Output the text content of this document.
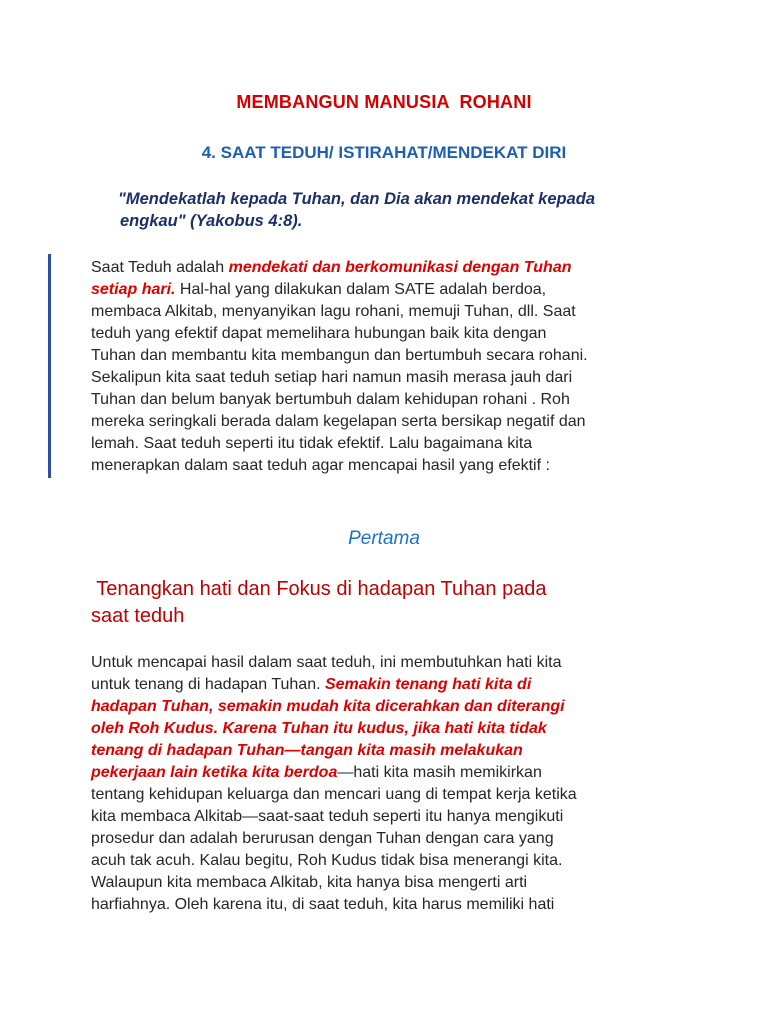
MEMBANGUN MANUSIA  ROHANI
4. SAAT TEDUH/ ISTIRAHAT/MENDEKAT DIRI
"Mendekatlah kepada Tuhan, dan Dia akan mendekat kepada
engkau" (Yakobus 4:8).
Saat Teduh adalah mendekati dan berkomunikasi dengan Tuhan
setiap hari. Hal-hal yang dilakukan dalam SATE adalah berdoa,
membaca Alkitab, menyanyikan lagu rohani, memuji Tuhan, dll. Saat
teduh yang efektif dapat memelihara hubungan baik kita dengan
Tuhan dan membantu kita membangun dan bertumbuh secara rohani.
Sekalipun kita saat teduh setiap hari namun masih merasa jauh dari
Tuhan dan belum banyak bertumbuh dalam kehidupan rohani . Roh
mereka seringkali berada dalam kegelapan serta bersikap negatif dan
lemah. Saat teduh seperti itu tidak efektif. Lalu bagaimana kita
menerapkan dalam saat teduh agar mencapai hasil yang efektif :
Pertama
Tenangkan hati dan Fokus di hadapan Tuhan pada
saat teduh
Untuk mencapai hasil dalam saat teduh, ini membutuhkan hati kita
untuk tenang di hadapan Tuhan. Semakin tenang hati kita di
hadapan Tuhan, semakin mudah kita dicerahkan dan diterangi
oleh Roh Kudus. Karena Tuhan itu kudus, jika hati kita tidak
tenang di hadapan Tuhan—tangan kita masih melakukan
pekerjaan lain ketika kita berdoa—hati kita masih memikirkan
tentang kehidupan keluarga dan mencari uang di tempat kerja ketika
kita membaca Alkitab—saat-saat teduh seperti itu hanya mengikuti
prosedur dan adalah berurusan dengan Tuhan dengan cara yang
acuh tak acuh. Kalau begitu, Roh Kudus tidak bisa menerangi kita.
Walaupun kita membaca Alkitab, kita hanya bisa mengerti arti
harfiahnya. Oleh karena itu, di saat teduh, kita harus memiliki hati
